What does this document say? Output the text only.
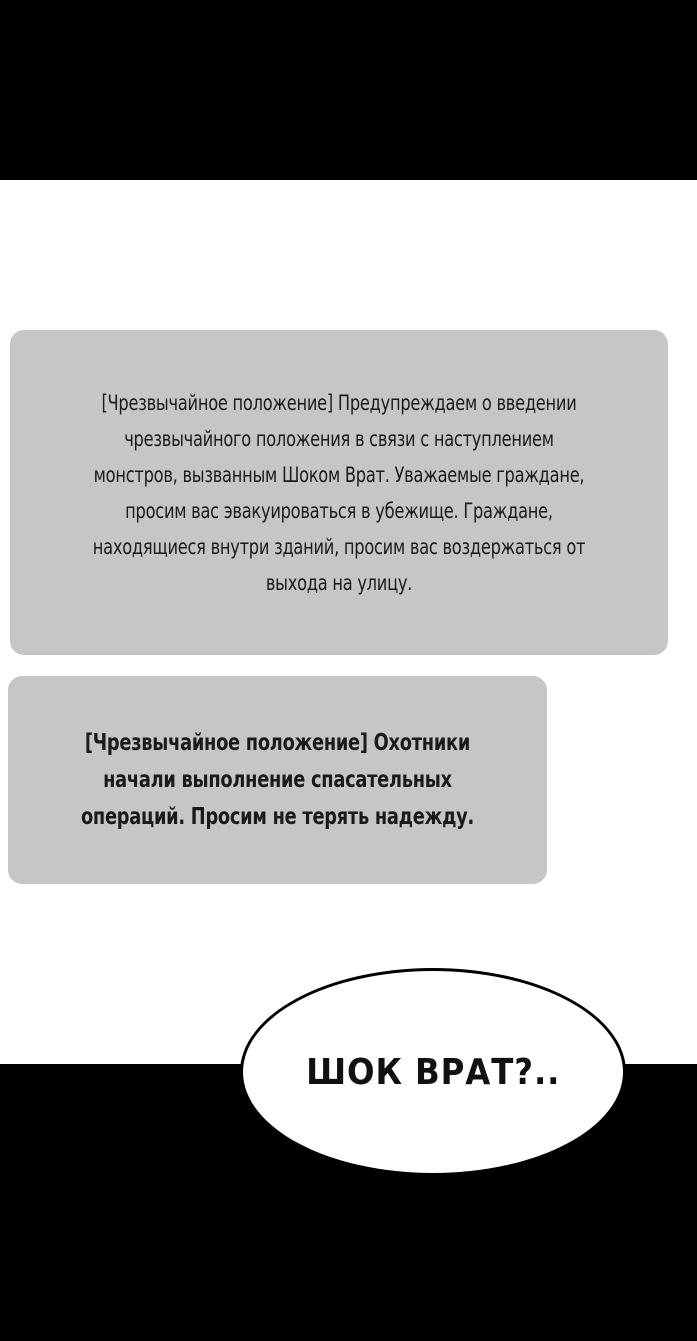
[Чрезвычайное положение] Предупреждаем о введении чрезвычайного положения в связи с наступлением монстров, вызванным Шоком Врат. Уважаемые граждане, просим вас эвакуироваться в убежище. Граждане, находящиеся внутри зданий, просим вас воздержаться от выхода на улицу.
[Чрезвычайное положение] Охотники начали выполнение спасательных операций. Просим не терять надежду.
ШОК ВРАТ?..
